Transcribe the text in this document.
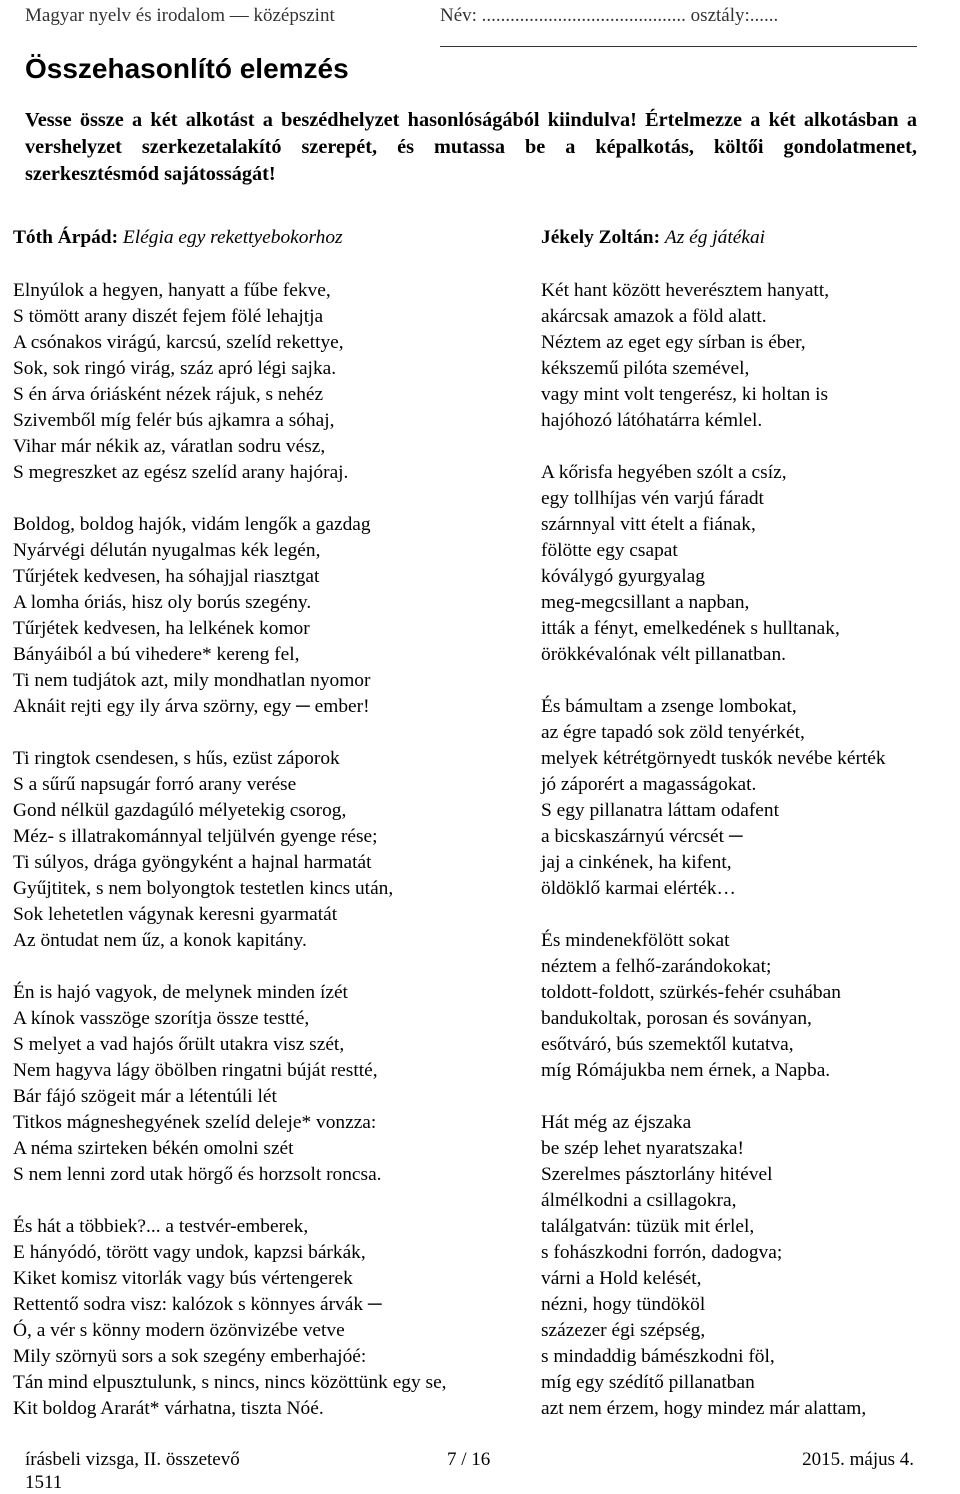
Magyar nyelv és irodalom — középszint	Név: ........................................... osztály:......
Összehasonlító elemzés

Vesse össze a két alkotást a beszédhelyzet hasonlóságából kiindulva! Értelmezze a két alkotásban a vershelyzet szerkezetalakító szerepét, és mutassa be a képalkotás, költői gondolatmenet, szerkesztésmód sajátosságát!

Tóth Árpád: Elégia egy rekettyebokorhoz
Elnyúlok a hegyen, hanyatt a fűbe fekve,
S tömött arany diszét fejem fölé lehajtja
A csónakos virágú, karcsú, szelíd rekettye,
Sok, sok ringó virág, száz apró légi sajka.
S én árva óriásként nézek rájuk, s nehéz
Szivemből míg felér bús ajkamra a sóhaj,
Vihar már nékik az, váratlan sodru vész,
S megreszket az egész szelíd arany hajóraj.
Boldog, boldog hajók, vidám lengők a gazdag
Nyárvégi délután nyugalmas kék legén,
Tűrjétek kedvesen, ha sóhajjal riasztgat
A lomha óriás, hisz oly borús szegény.
Tűrjétek kedvesen, ha lelkének komor
Bányáiból a bú vihedere* kereng fel,
Ti nem tudjátok azt, mily mondhatlan nyomor
Aknáit rejti egy ily árva szörny, egy ─ ember!
Ti ringtok csendesen, s hűs, ezüst záporok
S a sűrű napsugár forró arany verése
Gond nélkül gazdagúló mélyetekig csorog,
Méz- s illatrakománnyal teljülvén gyenge rése;
Ti súlyos, drága gyöngyként a hajnal harmatát
Gyűjtitek, s nem bolyongtok testetlen kincs után,
Sok lehetetlen vágynak keresni gyarmatát
Az öntudat nem űz, a konok kapitány.
Én is hajó vagyok, de melynek minden ízét
A kínok vasszöge szorítja össze testté,
S melyet a vad hajós őrült utakra visz szét,
Nem hagyva lágy öbölben ringatni búját restté,
Bár fájó szögeit már a létentúli lét
Titkos mágneshegyének szelíd deleje* vonzza:
A néma szirteken békén omolni szét
S nem lenni zord utak hörgő és horzsolt roncsa.
És hát a többiek?... a testvér-emberek,
E hányódó, törött vagy undok, kapzsi bárkák,
Kiket komisz vitorlák vagy bús vértengerek
Rettentő sodra visz: kalózok s könnyes árvák ─
Ó, a vér s könny modern özönvizébe vetve
Mily szörnyü sors a sok szegény emberhajóé:
Tán mind elpusztulunk, s nincs, nincs közöttünk egy se,
Kit boldog Ararát* várhatna, tiszta Nóé.
Jékely Zoltán: Az ég játékai
Két hant között heverésztem hanyatt,
akárcsak amazok a föld alatt.
Néztem az eget egy sírban is éber,
kékszemű pilóta szemével,
vagy mint volt tengerész, ki holtan is
hajóhozó látóhatárra kémlel.
A kőrisfa hegyében szólt a csíz,
egy tollhíjas vén varjú fáradt
szárnnyal vitt ételt a fiának,
fölötte egy csapat
kóválygó gyurgyalag
meg-megcsillant a napban,
itták a fényt, emelkedének s hulltanak,
örökkévalónak vélt pillanatban.
És bámultam a zsenge lombokat,
az égre tapadó sok zöld tenyérkét,
melyek kétrétgörnyedt tuskók nevébe kérték
jó záporért a magasságokat.
S egy pillanatra láttam odafent
a bicskaszárnyú vércsét ─
jaj a cinkének, ha kifent,
öldöklő karmai elérték…
És mindenekfölött sokat
néztem a felhő-zarándokokat;
toldott-foldott, szürkés-fehér csuhában
bandukoltak, porosan és soványan,
esőtváró, bús szemektől kutatva,
míg Rómájukba nem érnek, a Napba.
Hát még az éjszaka
be szép lehet nyaratszaka!
Szerelmes pásztorlány hitével
álmélkodni a csillagokra,
találgatván: tüzük mit érlel,
s fohászkodni forrón, dadogva;
várni a Hold kelését,
nézni, hogy tündököl
százezer égi szépség,
s mindaddig bámészkodni föl,
míg egy szédítő pillanatban
azt nem érzem, hogy mindez már alattam,
írásbeli vizsga, II. összetevő	7 / 16	2015. május 4.
1511
